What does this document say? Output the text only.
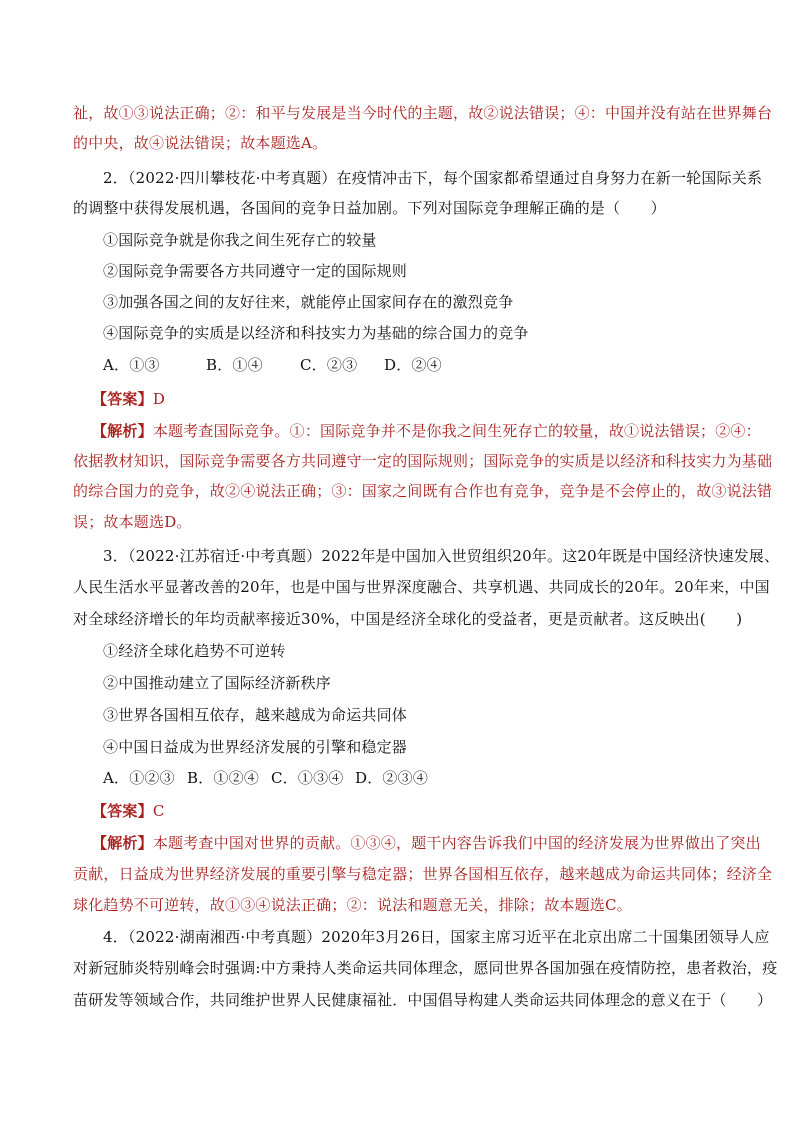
祉，故①③说法正确；②：和平与发展是当今时代的主题，故②说法错误；④：中国并没有站在世界舞台
的中央，故④说法错误；故本题选A。
2．（2022·四川攀枝花·中考真题）在疫情冲击下，每个国家都希望通过自身努力在新一轮国际关系
的调整中获得发展机遇，各国间的竞争日益加剧。下列对国际竞争理解正确的是（　　）
①国际竞争就是你我之间生死存亡的较量
②国际竞争需要各方共同遵守一定的国际规则
③加强各国之间的友好往来，就能停止国家间存在的激烈竞争
④国际竞争的实质是以经济和科技实力为基础的综合国力的竞争
A．①③	B．①④ C．②③ D．②④
【答案】D
【解析】本题考查国际竞争。①：国际竞争并不是你我之间生死存亡的较量，故①说法错误；②④：
依据教材知识，国际竞争需要各方共同遵守一定的国际规则；国际竞争的实质是以经济和科技实力为基础
的综合国力的竞争，故②④说法正确；③：国家之间既有合作也有竞争，竞争是不会停止的，故③说法错
误；故本题选D。
3．（2022·江苏宿迁·中考真题）2022年是中国加入世贸组织20年。这20年既是中国经济快速发展、
人民生活水平显著改善的20年，也是中国与世界深度融合、共享机遇、共同成长的20年。20年来，中国
对全球经济增长的年均贡献率接近30%，中国是经济全球化的受益者，更是贡献者。这反映出(　　)
①经济全球化趋势不可逆转
②中国推动建立了国际经济新秩序
③世界各国相互依存，越来越成为命运共同体
④中国日益成为世界经济发展的引擎和稳定器
A．①②③ B．①②④ C．①③④ D．②③④
【答案】C
【解析】本题考查中国对世界的贡献。①③④，题干内容告诉我们中国的经济发展为世界做出了突出
贡献，日益成为世界经济发展的重要引擎与稳定器；世界各国相互依存，越来越成为命运共同体；经济全
球化趋势不可逆转，故①③④说法正确；②：说法和题意无关，排除；故本题选C。
4．（2022·湖南湘西·中考真题）2020年3月26日，国家主席习近平在北京出席二十国集团领导人应
对新冠肺炎特别峰会时强调:中方秉持人类命运共同体理念，愿同世界各国加强在疫情防控，患者救治，疫
苗研发等领域合作，共同维护世界人民健康福祉．中国倡导构建人类命运共同体理念的意义在于（　　）
